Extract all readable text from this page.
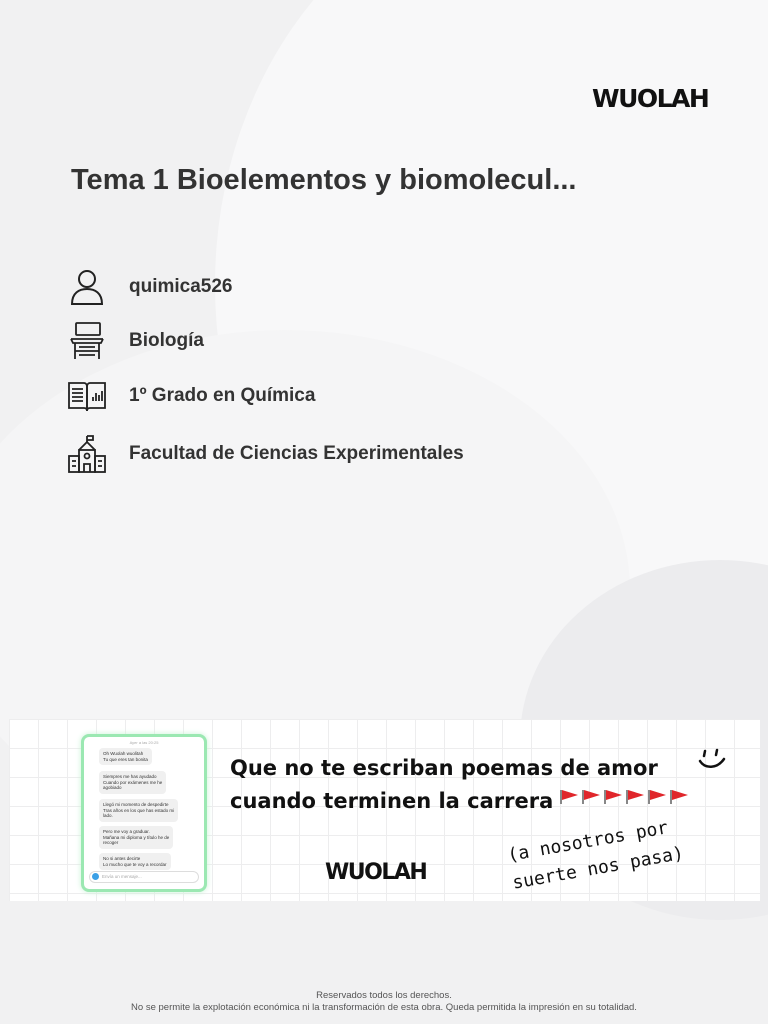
WUOLAH
Tema 1 Bioelementos y biomolecul...
quimica526
Biología
1º Grado en Química
Facultad de Ciencias Experimentales
Ayer a las 20:25
Oh Wuolah wuolitah
Tu que eres tan bonita
Siempres me has ayudado
Cuando por exámenes me he
agobiado
Llegó mi momento de despedirte
Tras años en los que has estado mi
lado.
Pero me voy a graduar.
Mañana mi diploma y título he de
recoger
No si antes decirte
Lo mucho que te voy a recordar
Envía un mensaje...
Que no te escriban poemas de amor
cuando terminen la carrera
(a nosotros por
suerte nos pasa)
WUOLAH
Reservados todos los derechos.
No se permite la explotación económica ni la transformación de esta obra. Queda permitida la impresión en su totalidad.
